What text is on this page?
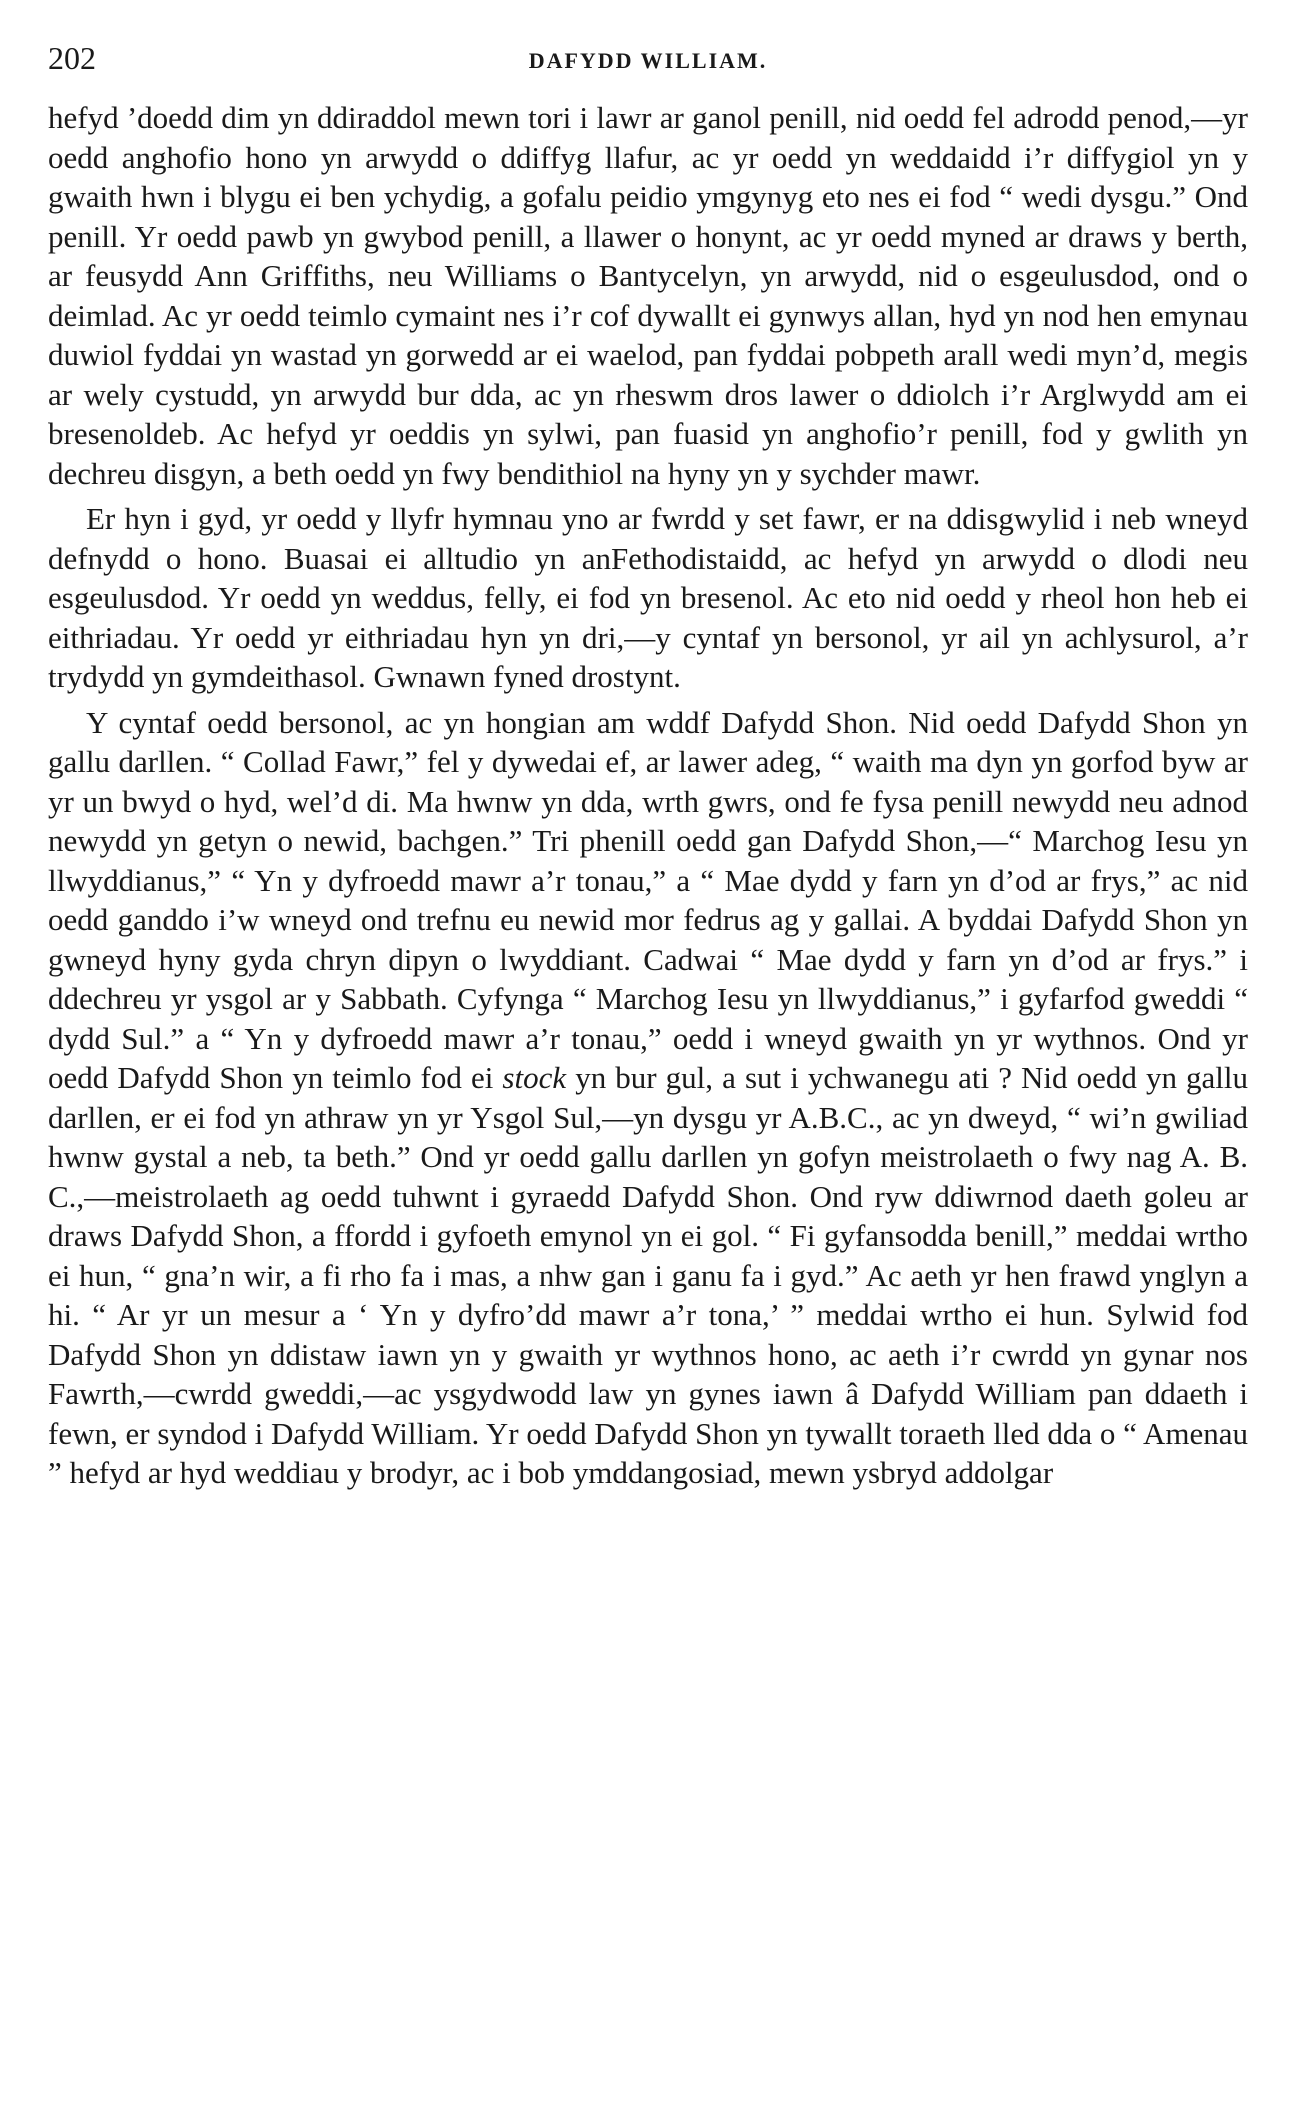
202	DAFYDD WILLIAM.

hefyd ’doedd dim yn ddiraddol mewn tori i lawr ar ganol penill, nid oedd fel adrodd penod,—yr oedd anghofio hono yn arwydd o ddiffyg llafur, ac yr oedd yn weddaidd i’r diffygiol yn y gwaith hwn i blygu ei ben ychydig, a gofalu peidio ymgynyg eto nes ei fod “ wedi dysgu.” Ond penill. Yr oedd pawb yn gwybod penill, a llawer o honynt, ac yr oedd myned ar draws y berth, ar feusydd Ann Griffiths, neu Williams o Bantycelyn, yn arwydd, nid o esgeulusdod, ond o deimlad. Ac yr oedd teimlo cymaint nes i’r cof dywallt ei gynwys allan, hyd yn nod hen emynau duwiol fyddai yn wastad yn gorwedd ar ei waelod, pan fyddai pobpeth arall wedi myn’d, megis ar wely cystudd, yn arwydd bur dda, ac yn rheswm dros lawer o ddiolch i’r Arglwydd am ei bresenoldeb. Ac hefyd yr oeddis yn sylwi, pan fuasid yn anghofio’r penill, fod y gwlith yn dechreu disgyn, a beth oedd yn fwy bendithiol na hyny yn y sychder mawr.

Er hyn i gyd, yr oedd y llyfr hymnau yno ar fwrdd y set fawr, er na ddisgwylid i neb wneyd defnydd o hono. Buasai ei alltudio yn anFethodistaidd, ac hefyd yn arwydd o dlodi neu esgeulusdod. Yr oedd yn weddus, felly, ei fod yn bresenol. Ac eto nid oedd y rheol hon heb ei eithriadau. Yr oedd yr eithriadau hyn yn dri,—y cyntaf yn bersonol, yr ail yn achlysurol, a’r trydydd yn gymdeithasol. Gwnawn fyned drostynt.

Y cyntaf oedd bersonol, ac yn hongian am wddf Dafydd Shon. Nid oedd Dafydd Shon yn gallu darllen. “ Collad Fawr,” fel y dywedai ef, ar lawer adeg, “ waith ma dyn yn gorfod byw ar yr un bwyd o hyd, wel’d di. Ma hwnw yn dda, wrth gwrs, ond fe fysa penill newydd neu adnod newydd yn getyn o newid, bachgen.” Tri phenill oedd gan Dafydd Shon,—“ Marchog Iesu yn llwyddianus,” “ Yn y dyfroedd mawr a’r tonau,” a “ Mae dydd y farn yn d’od ar frys,” ac nid oedd ganddo i’w wneyd ond trefnu eu newid mor fedrus ag y gallai. A byddai Dafydd Shon yn gwneyd hyny gyda chryn dipyn o lwyddiant. Cadwai “ Mae dydd y farn yn d’od ar frys.” i ddechreu yr ysgol ar y Sabbath. Cyfynga “ Marchog Iesu yn llwyddianus,” i gyfarfod gweddi “ dydd Sul.” a “ Yn y dyfroedd mawr a’r tonau,” oedd i wneyd gwaith yn yr wythnos. Ond yr oedd Dafydd Shon yn teimlo fod ei stock yn bur gul, a sut i ychwanegu ati ? Nid oedd yn gallu darllen, er ei fod yn athraw yn yr Ysgol Sul,—yn dysgu yr A.B.C., ac yn dweyd, “ wi’n gwiliad hwnw gystal a neb, ta beth.” Ond yr oedd gallu darllen yn gofyn meistrolaeth o fwy nag A. B. C.,—meistrolaeth ag oedd tuhwnt i gyraedd Dafydd Shon. Ond ryw ddiwrnod daeth goleu ar draws Dafydd Shon, a ffordd i gyfoeth emynol yn ei gol. “ Fi gyfansodda benill,” meddai wrtho ei hun, “ gna’n wir, a fi rho fa i mas, a nhw gan i ganu fa i gyd.” Ac aeth yr hen frawd ynglyn a hi. “ Ar yr un mesur a ‘ Yn y dyfro’dd mawr a’r tona,’ ” meddai wrtho ei hun. Sylwid fod Dafydd Shon yn ddistaw iawn yn y gwaith yr wythnos hono, ac aeth i’r cwrdd yn gynar nos Fawrth,—cwrdd gweddi,—ac ysgydwodd law yn gynes iawn â Dafydd William pan ddaeth i fewn, er syndod i Dafydd William. Yr oedd Dafydd Shon yn tywallt toraeth lled dda o “ Amenau ” hefyd ar hyd weddiau y brodyr, ac i bob ymddangosiad, mewn ysbryd addolgar
